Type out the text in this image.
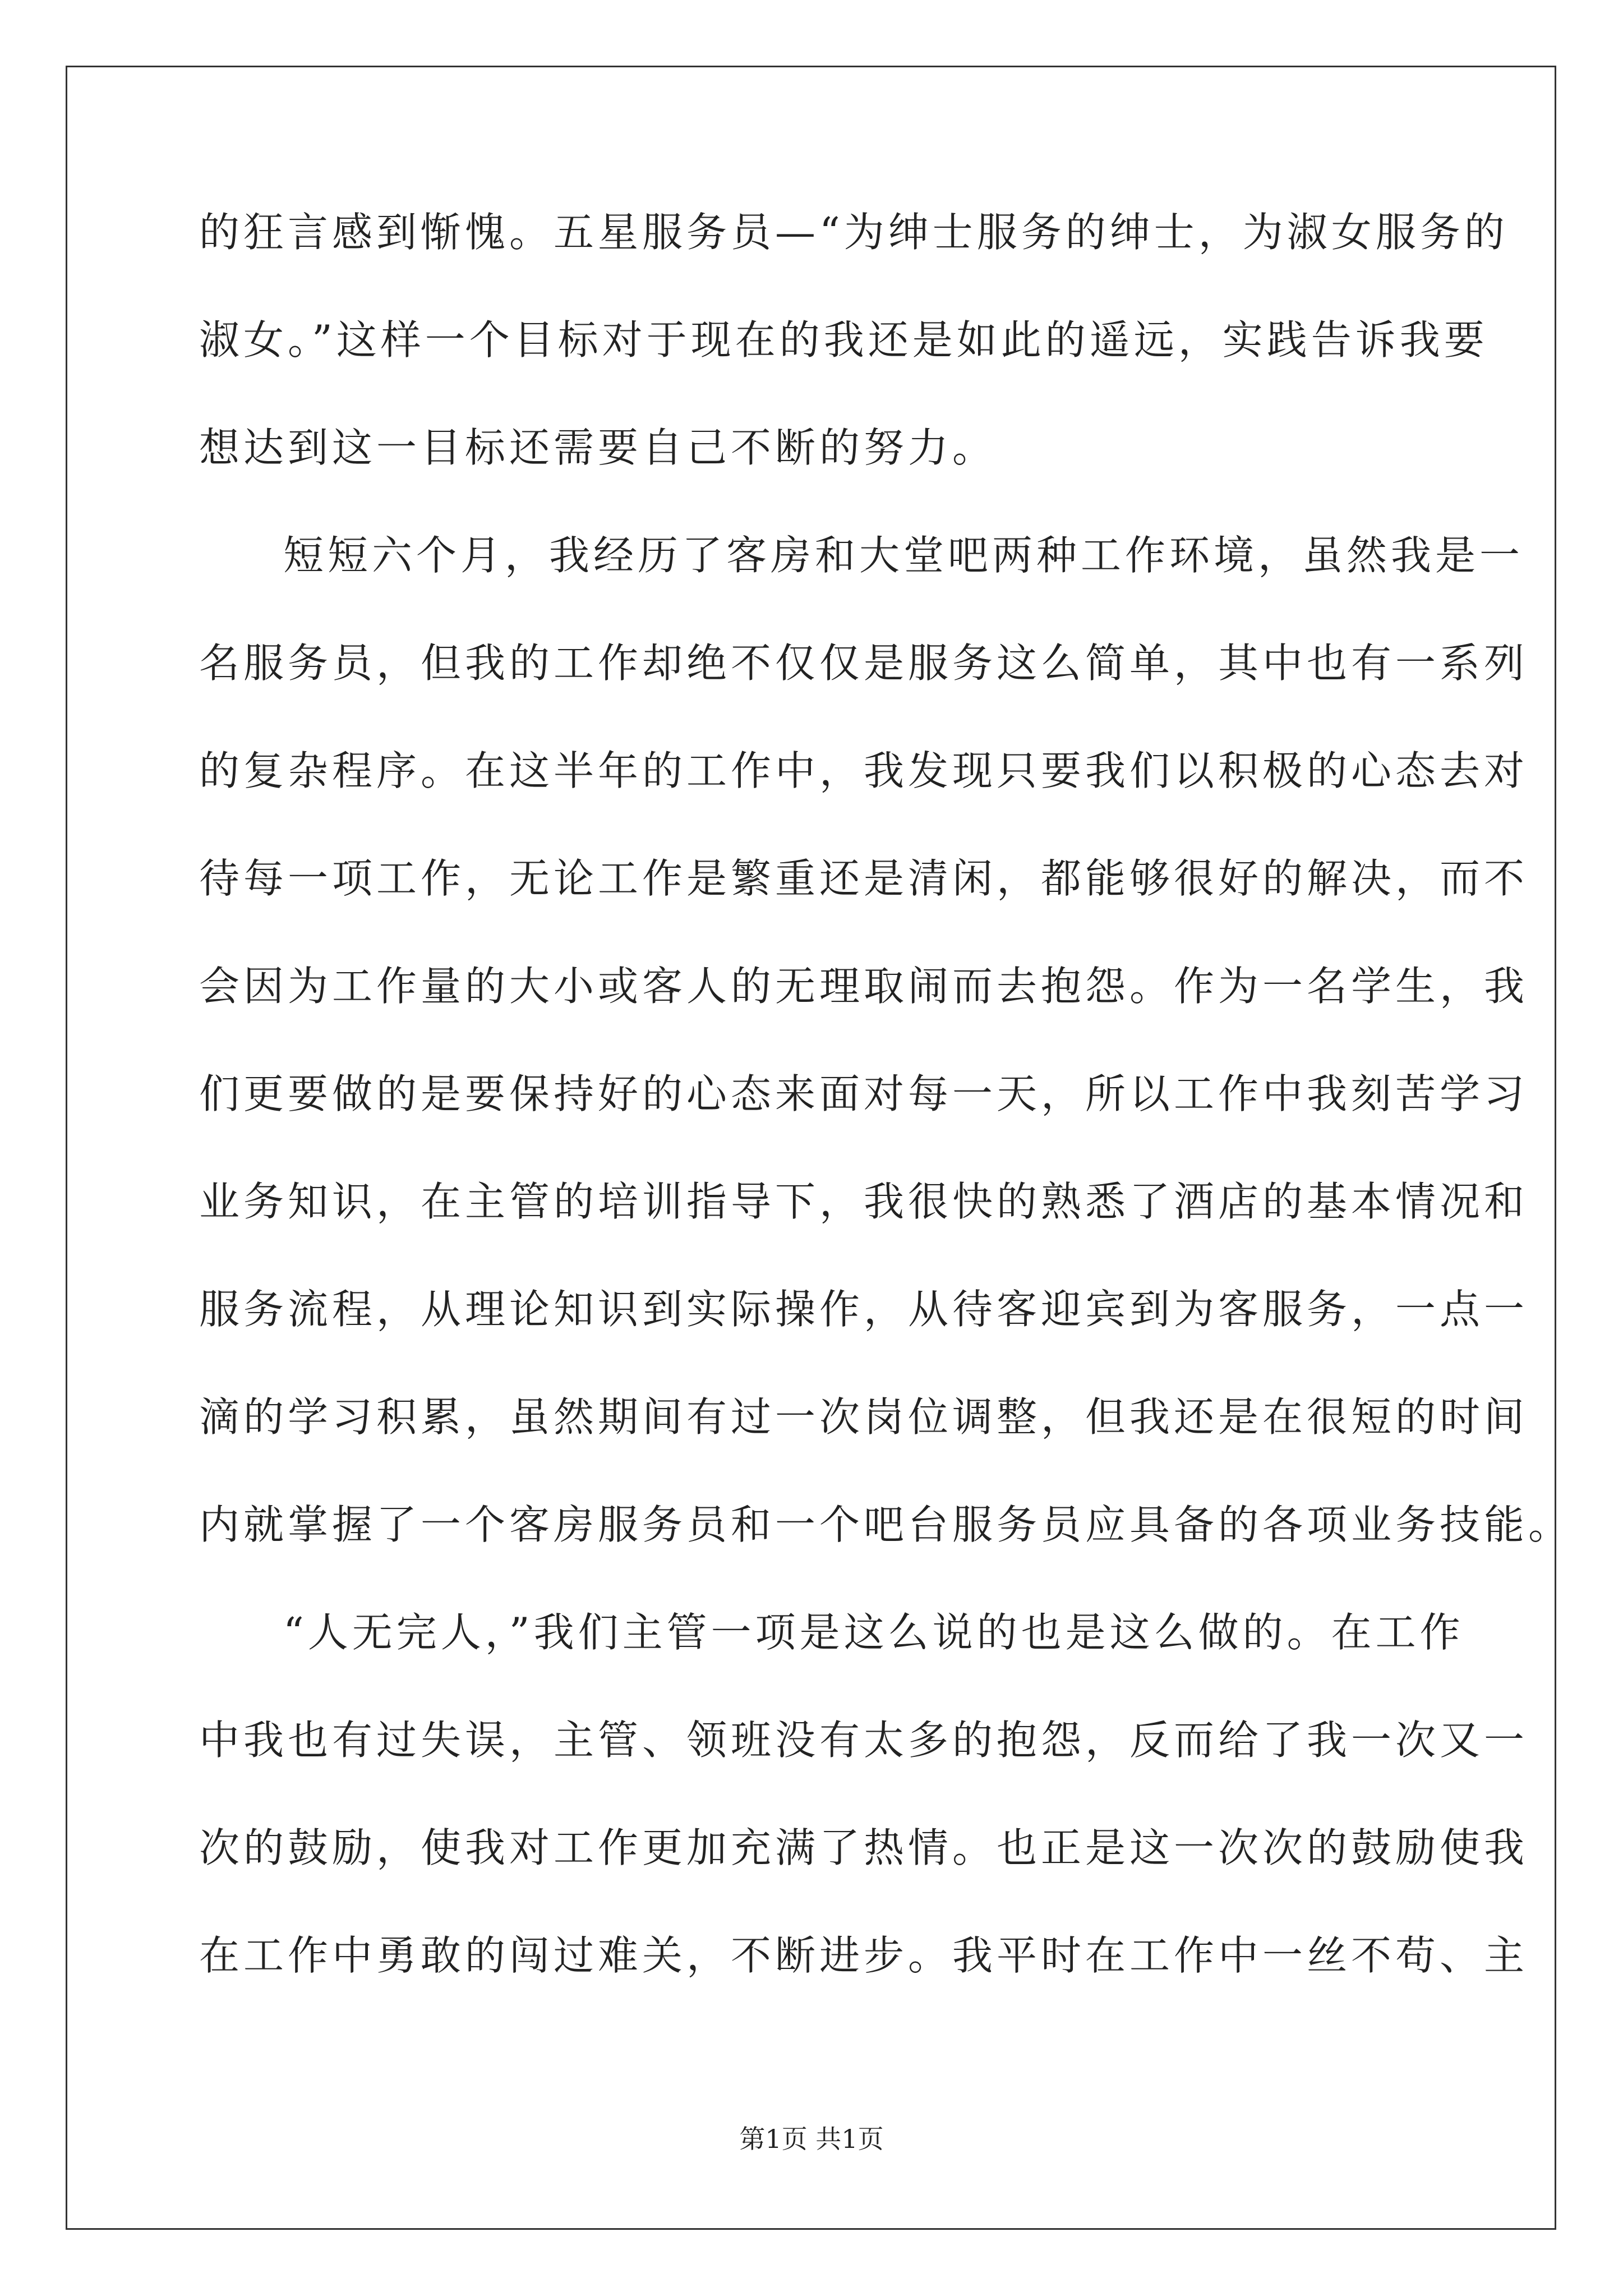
的狂言感到惭愧。五星服务员—“为绅士服务的绅士，为淑女服务的
淑女。”这样一个目标对于现在的我还是如此的遥远，实践告诉我要
想达到这一目标还需要自己不断的努力。
短短六个月，我经历了客房和大堂吧两种工作环境，虽然我是一
名服务员，但我的工作却绝不仅仅是服务这么简单，其中也有一系列
的复杂程序。在这半年的工作中，我发现只要我们以积极的心态去对
待每一项工作，无论工作是繁重还是清闲，都能够很好的解决，而不
会因为工作量的大小或客人的无理取闹而去抱怨。作为一名学生，我
们更要做的是要保持好的心态来面对每一天，所以工作中我刻苦学习
业务知识，在主管的培训指导下，我很快的熟悉了酒店的基本情况和
服务流程，从理论知识到实际操作，从待客迎宾到为客服务，一点一
滴的学习积累，虽然期间有过一次岗位调整，但我还是在很短的时间
内就掌握了一个客房服务员和一个吧台服务员应具备的各项业务技能。
“人无完人，”我们主管一项是这么说的也是这么做的。在工作
中我也有过失误，主管、领班没有太多的抱怨，反而给了我一次又一
次的鼓励，使我对工作更加充满了热情。也正是这一次次的鼓励使我
在工作中勇敢的闯过难关，不断进步。我平时在工作中一丝不苟、主
第1页 共1页
